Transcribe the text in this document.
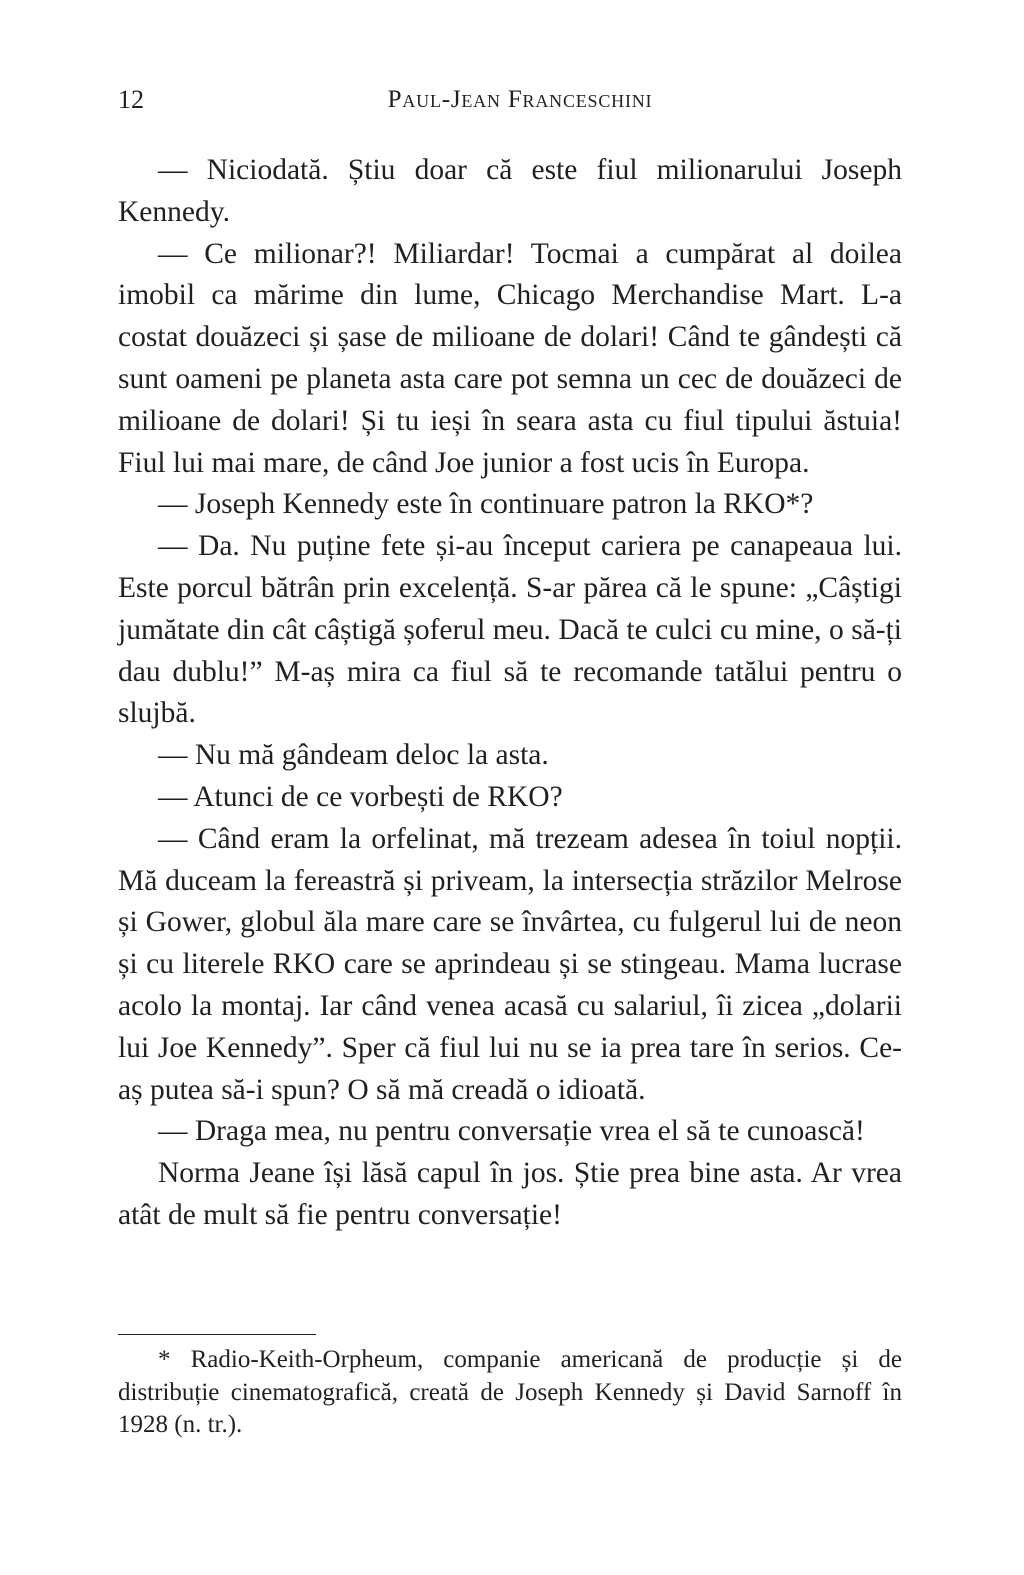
12	Paul-Jean Franceschini

— Niciodată. Știu doar că este fiul milionarului Joseph Kennedy.

— Ce milionar?! Miliardar! Tocmai a cumpărat al doilea imobil ca mărime din lume, Chicago Merchandise Mart. L-a costat douăzeci și șase de milioane de dolari! Când te gândești că sunt oameni pe planeta asta care pot semna un cec de douăzeci de milioane de dolari! Și tu ieși în seara asta cu fiul tipului ăstuia! Fiul lui mai mare, de când Joe junior a fost ucis în Europa.

— Joseph Kennedy este în continuare patron la RKO*?

— Da. Nu puține fete și-au început cariera pe canapeaua lui. Este porcul bătrân prin excelență. S-ar părea că le spune: „Câștigi jumătate din cât câștigă șoferul meu. Dacă te culci cu mine, o să-ți dau dublu!” M-aș mira ca fiul să te recomande tatălui pentru o slujbă.

— Nu mă gândeam deloc la asta.

— Atunci de ce vorbești de RKO?

— Când eram la orfelinat, mă trezeam adesea în toiul nopții. Mă duceam la fereastră și priveam, la intersecția străzilor Melrose și Gower, globul ăla mare care se învârtea, cu fulgerul lui de neon și cu literele RKO care se aprindeau și se stingeau. Mama lucrase acolo la montaj. Iar când venea acasă cu salariul, îi zicea „dolarii lui Joe Kennedy”. Sper că fiul lui nu se ia prea tare în serios. Ce-aș putea să-i spun? O să mă creadă o idioată.

— Draga mea, nu pentru conversație vrea el să te cunoască!

Norma Jeane își lăsă capul în jos. Știe prea bine asta. Ar vrea atât de mult să fie pentru conversație!

* Radio-Keith-Orpheum, companie americană de producție și de distribuție cinematografică, creată de Joseph Kennedy și David Sarnoff în 1928 (n. tr.).
